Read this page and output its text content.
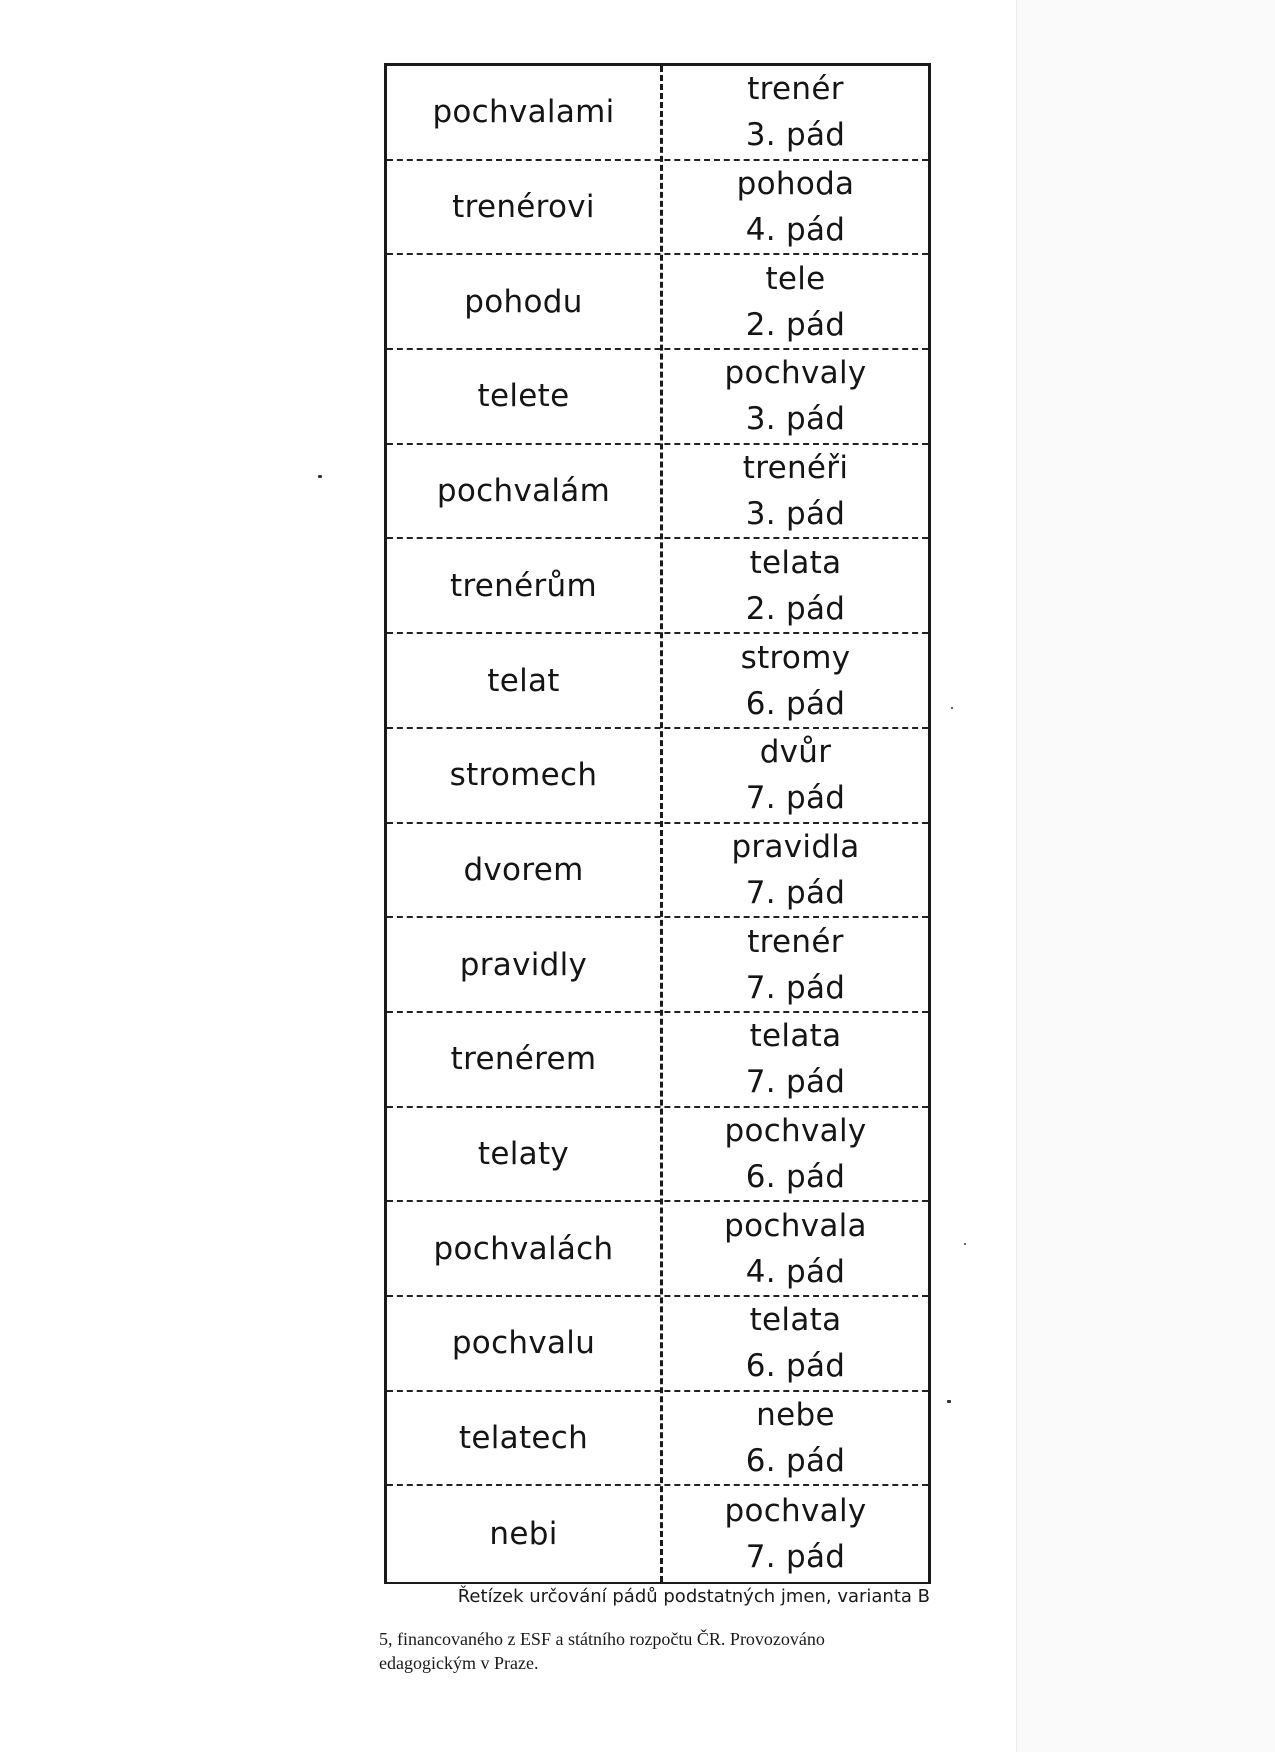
pochvalami
trenér
3. pád
trenérovi
pohoda
4. pád
pohodu
tele
2. pád
telete
pochvaly
3. pád
pochvalám
trenéři
3. pád
trenérům
telata
2. pád
telat
stromy
6. pád
stromech
dvůr
7. pád
dvorem
pravidla
7. pád
pravidly
trenér
7. pád
trenérem
telata
7. pád
telaty
pochvaly
6. pád
pochvalách
pochvala
4. pád
pochvalu
telata
6. pád
telatech
nebe
6. pád
nebi
pochvaly
7. pád
Řetízek určování pádů podstatných jmen, varianta B
5, financovaného z ESF a státního rozpočtu ČR. Provozováno
edagogickým v Praze.
